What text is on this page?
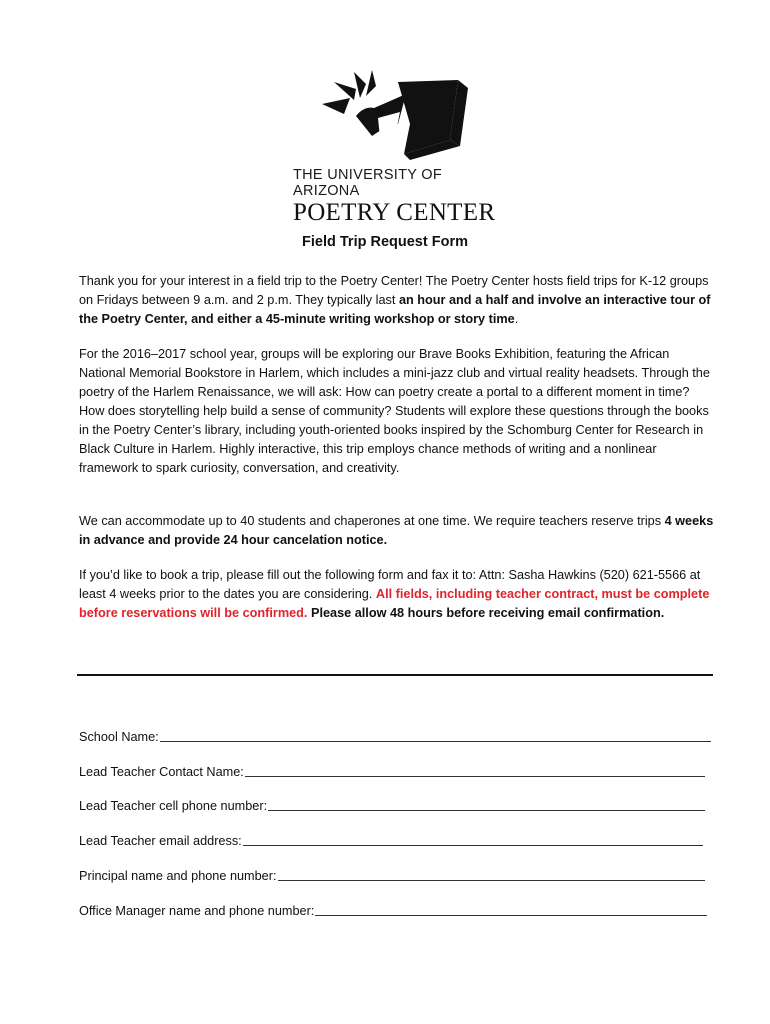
THE UNIVERSITY OF ARIZONA
POETRY CENTER
Field Trip Request Form
Thank you for your interest in a field trip to the Poetry Center! The Poetry Center hosts field trips for K-12 groups on Fridays between 9 a.m. and 2 p.m. They typically last an hour and a half and involve an interactive tour of the Poetry Center, and either a 45-minute writing workshop or story time.
For the 2016–2017 school year, groups will be exploring our Brave Books Exhibition, featuring the African National Memorial Bookstore in Harlem, which includes a mini-jazz club and virtual reality headsets. Through the poetry of the Harlem Renaissance, we will ask: How can poetry create a portal to a different moment in time? How does storytelling help build a sense of community? Students will explore these questions through the books in the Poetry Center’s library, including youth-oriented books inspired by the Schomburg Center for Research in Black Culture in Harlem. Highly interactive, this trip employs chance methods of writing and a nonlinear framework to spark curiosity, conversation, and creativity.
We can accommodate up to 40 students and chaperones at one time. We require teachers reserve trips 4 weeks in advance and provide 24 hour cancelation notice.
If you’d like to book a trip, please fill out the following form and fax it to: Attn: Sasha Hawkins (520) 621-5566 at least 4 weeks prior to the dates you are considering. All fields, including teacher contract, must be complete before reservations will be confirmed. Please allow 48 hours before receiving email confirmation.
School Name:
Lead Teacher Contact Name:
Lead Teacher cell phone number:
Lead Teacher email address:
Principal name and phone number:
Office Manager name and phone number:
